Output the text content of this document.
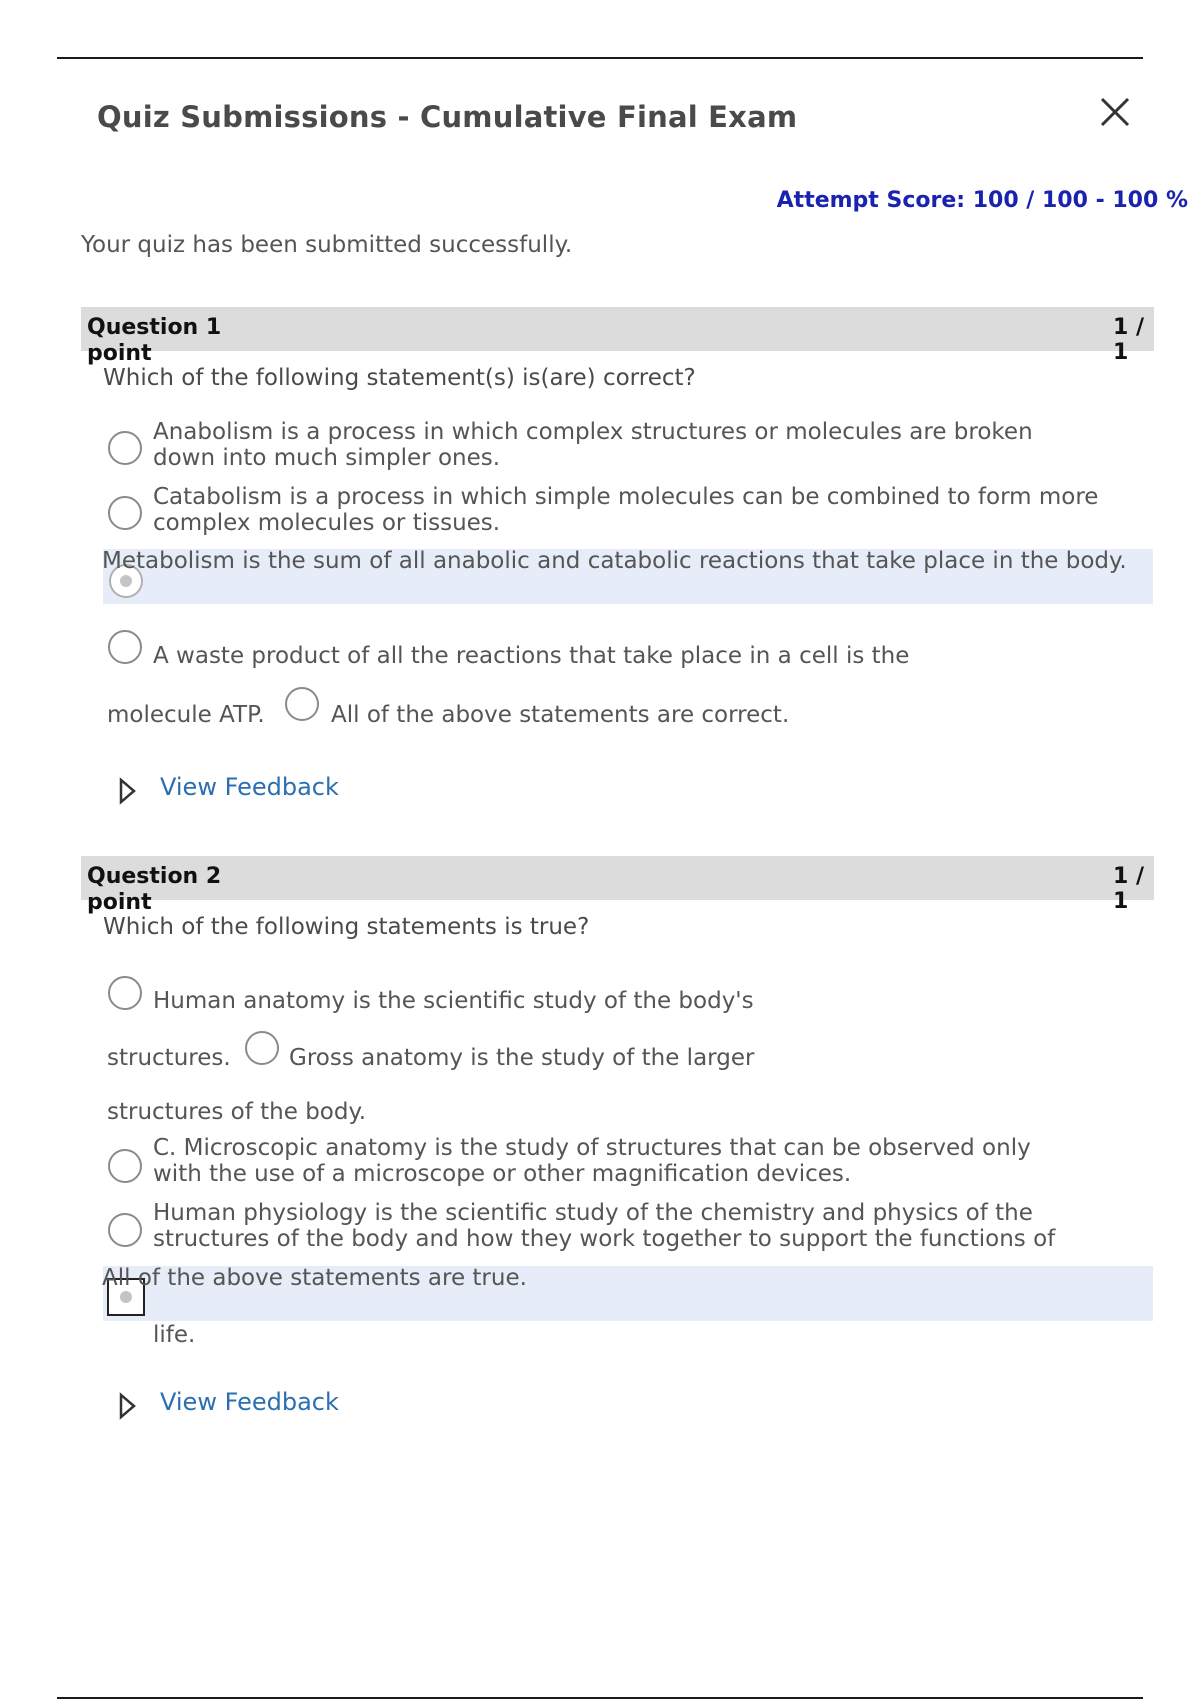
Quiz Submissions - Cumulative Final Exam
Attempt Score: 100 / 100 - 100 %
Your quiz has been submitted successfully.
Question 1
point
1 / 1
Which of the following statement(s) is(are) correct?
Anabolism is a process in which complex structures or molecules are broken
down into much simpler ones.
Catabolism is a process in which simple molecules can be combined to form more
complex molecules or tissues.
Metabolism is the sum of all anabolic and catabolic reactions that take place in the body.
A waste product of all the reactions that take place in a cell is the
molecule ATP.	All of the above statements are correct.
View Feedback
Question 2
point
1 / 1
Which of the following statements is true?
Human anatomy is the scientific study of the body's
structures.	Gross anatomy is the study of the larger
structures of the body.
C. Microscopic anatomy is the study of structures that can be observed only
with the use of a microscope or other magnification devices.
Human physiology is the scientific study of the chemistry and physics of the
structures of the body and how they work together to support the functions of
All of the above statements are true.
life.
View Feedback
